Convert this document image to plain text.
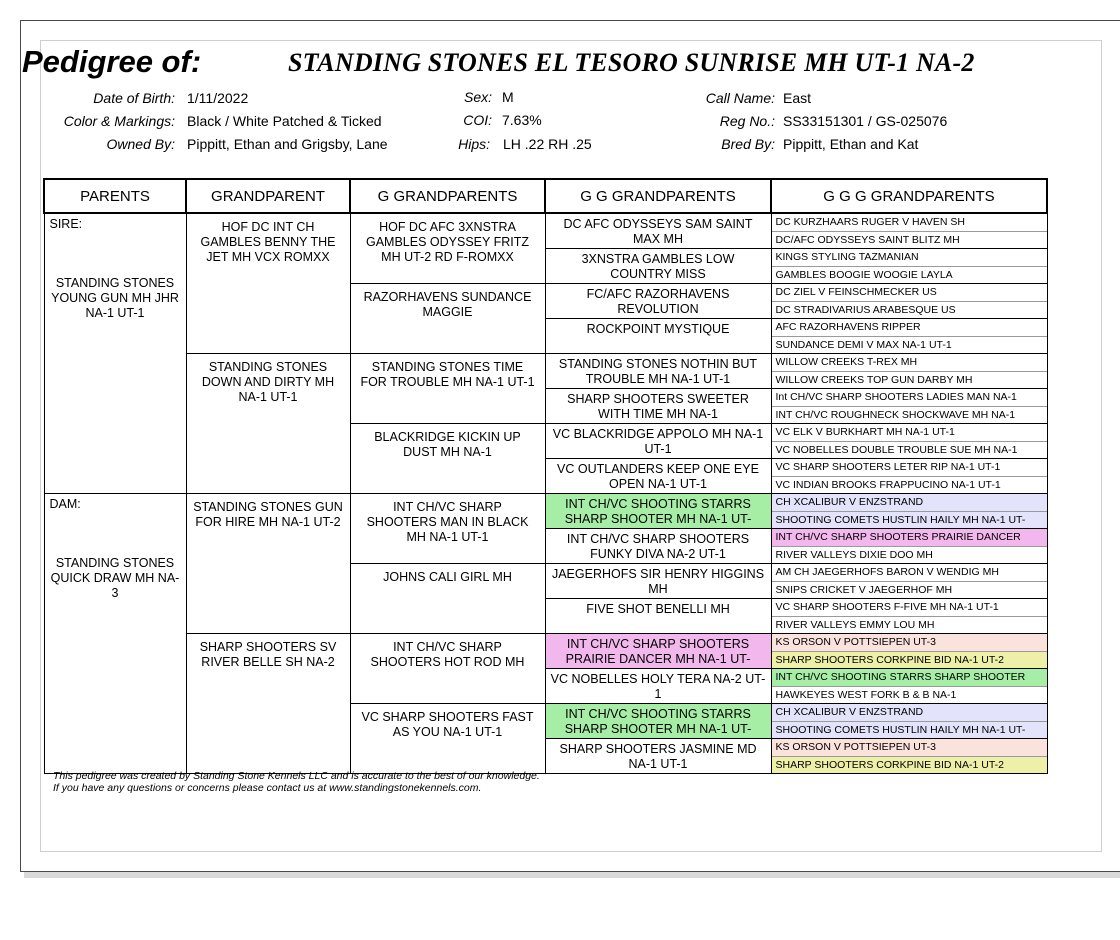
Pedigree of:	STANDING STONES EL TESORO SUNRISE MH UT-1 NA-2
Date of Birth: 1/11/2022
Color & Markings: Black / White Patched & Ticked
Owned By: Pippitt, Ethan and Grigsby, Lane
Sex: M
COI: 7.63%
Hips: LH .22 RH .25
Call Name: East
Reg No.: SS33151301 / GS-025076
Bred By: Pippitt, Ethan and Kat
PARENTS	GRANDPARENT	G GRANDPARENTS	G G GRANDPARENTS	G G G GRANDPARENTS

SIRE:
STANDING STONES YOUNG GUN MH JHR NA-1 UT-1	HOF DC INT CH GAMBLES BENNY THE JET MH VCX ROMXX	HOF DC AFC 3XNSTRA GAMBLES ODYSSEY FRITZ MH UT-2 RD F-ROMXX	DC AFC ODYSSEYS SAM SAINT MAX MH	DC KURZHAARS RUGER V HAVEN SH
DC/AFC ODYSSEYS SAINT BLITZ MH

			3XNSTRA GAMBLES LOW COUNTRY MISS	KINGS STYLING TAZMANIAN
GAMBLES BOOGIE WOOGIE LAYLA

		RAZORHAVENS SUNDANCE MAGGIE	FC/AFC RAZORHAVENS REVOLUTION	DC ZIEL V FEINSCHMECKER US
DC STRADIVARIUS ARABESQUE US

			ROCKPOINT MYSTIQUE	AFC RAZORHAVENS RIPPER
SUNDANCE DEMI V MAX NA-1 UT-1

	STANDING STONES DOWN AND DIRTY MH NA-1 UT-1	STANDING STONES TIME FOR TROUBLE MH NA-1 UT-1	STANDING STONES NOTHIN BUT TROUBLE MH NA-1 UT-1	WILLOW CREEKS T-REX MH
WILLOW CREEKS TOP GUN DARBY MH

			SHARP SHOOTERS SWEETER WITH TIME MH NA-1	Int CH/VC SHARP SHOOTERS LADIES MAN NA-1
INT CH/VC ROUGHNECK SHOCKWAVE MH NA-1

		BLACKRIDGE KICKIN UP DUST MH NA-1	VC BLACKRIDGE APPOLO MH NA-1 UT-1	VC ELK V BURKHART MH NA-1 UT-1
VC NOBELLES DOUBLE TROUBLE SUE MH NA-1

			VC OUTLANDERS KEEP ONE EYE OPEN NA-1 UT-1	VC SHARP SHOOTERS LETER RIP NA-1 UT-1
VC INDIAN BROOKS FRAPPUCINO NA-1 UT-1

DAM:
STANDING STONES QUICK DRAW MH NA-3	STANDING STONES GUN FOR HIRE MH NA-1 UT-2	INT CH/VC SHARP SHOOTERS MAN IN BLACK MH NA-1 UT-1	INT CH/VC SHOOTING STARRS SHARP SHOOTER MH NA-1 UT-	CH XCALIBUR V ENZSTRAND
SHOOTING COMETS HUSTLIN HAILY MH NA-1 UT-

			INT CH/VC SHARP SHOOTERS FUNKY DIVA NA-2 UT-1	INT CH/VC SHARP SHOOTERS PRAIRIE DANCER
RIVER VALLEYS DIXIE DOO MH

		JOHNS CALI GIRL MH	JAEGERHOFS SIR HENRY HIGGINS MH	AM CH JAEGERHOFS BARON V WENDIG MH
SNIPS CRICKET V JAEGERHOF MH

			FIVE SHOT BENELLI MH	VC SHARP SHOOTERS F-FIVE MH NA-1 UT-1
RIVER VALLEYS EMMY LOU MH

	SHARP SHOOTERS SV RIVER BELLE SH NA-2	INT CH/VC SHARP SHOOTERS HOT ROD MH	INT CH/VC SHARP SHOOTERS PRAIRIE DANCER MH NA-1 UT-	KS ORSON V POTTSIEPEN UT-3
SHARP SHOOTERS CORKPINE BID NA-1 UT-2

			VC NOBELLES HOLY TERA NA-2 UT-1	INT CH/VC SHOOTING STARRS SHARP SHOOTER
HAWKEYES WEST FORK B & B NA-1

		VC SHARP SHOOTERS FAST AS YOU NA-1 UT-1	INT CH/VC SHOOTING STARRS SHARP SHOOTER MH NA-1 UT-	CH XCALIBUR V ENZSTRAND
SHOOTING COMETS HUSTLIN HAILY MH NA-1 UT-

			SHARP SHOOTERS JASMINE MD NA-1 UT-1	KS ORSON V POTTSIEPEN UT-3
SHARP SHOOTERS CORKPINE BID NA-1 UT-2
This pedigree was created by Standing Stone Kennels LLC and is accurate to the best of our knowledge.
If you have any questions or concerns please contact us at www.standingstonekennels.com.
